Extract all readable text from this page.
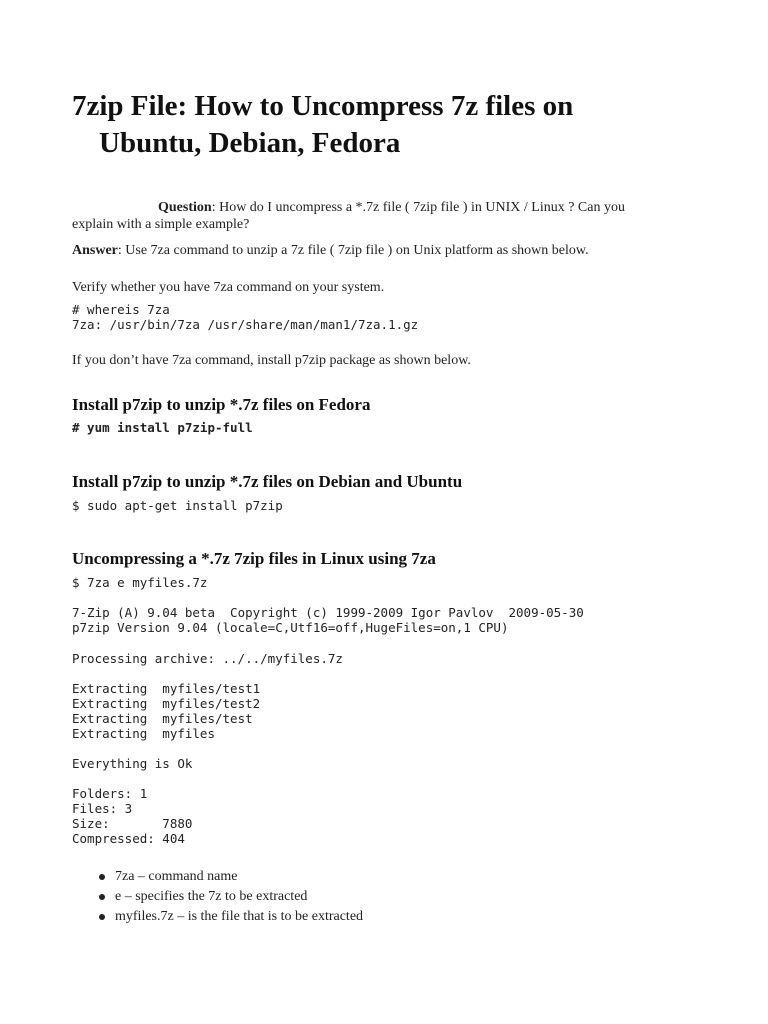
7zip File: How to Uncompress 7z files on
Ubuntu, Debian, Fedora

Question: How do I uncompress a *.7z file ( 7zip file ) in UNIX / Linux ? Can you
explain with a simple example?

Answer: Use 7za command to unzip a 7z file ( 7zip file ) on Unix platform as shown below.

Verify whether you have 7za command on your system.

# whereis 7za

7za: /usr/bin/7za /usr/share/man/man1/7za.1.gz

If you don’t have 7za command, install p7zip package as shown below.

Install p7zip to unzip *.7z files on Fedora

# yum install p7zip-full

Install p7zip to unzip *.7z files on Debian and Ubuntu

$ sudo apt-get install p7zip

Uncompressing a *.7z 7zip files in Linux using 7za

$ 7za e myfiles.7z

7-Zip (A) 9.04 beta  Copyright (c) 1999-2009 Igor Pavlov  2009-05-30

p7zip Version 9.04 (locale=C,Utf16=off,HugeFiles=on,1 CPU)

Processing archive: ../../myfiles.7z

Extracting  myfiles/test1

Extracting  myfiles/test2

Extracting  myfiles/test

Extracting  myfiles

Everything is Ok

Folders: 1

Files: 3

Size:       7880

Compressed: 404

7za – command name
e – specifies the 7z to be extracted
myfiles.7z – is the file that is to be extracted
